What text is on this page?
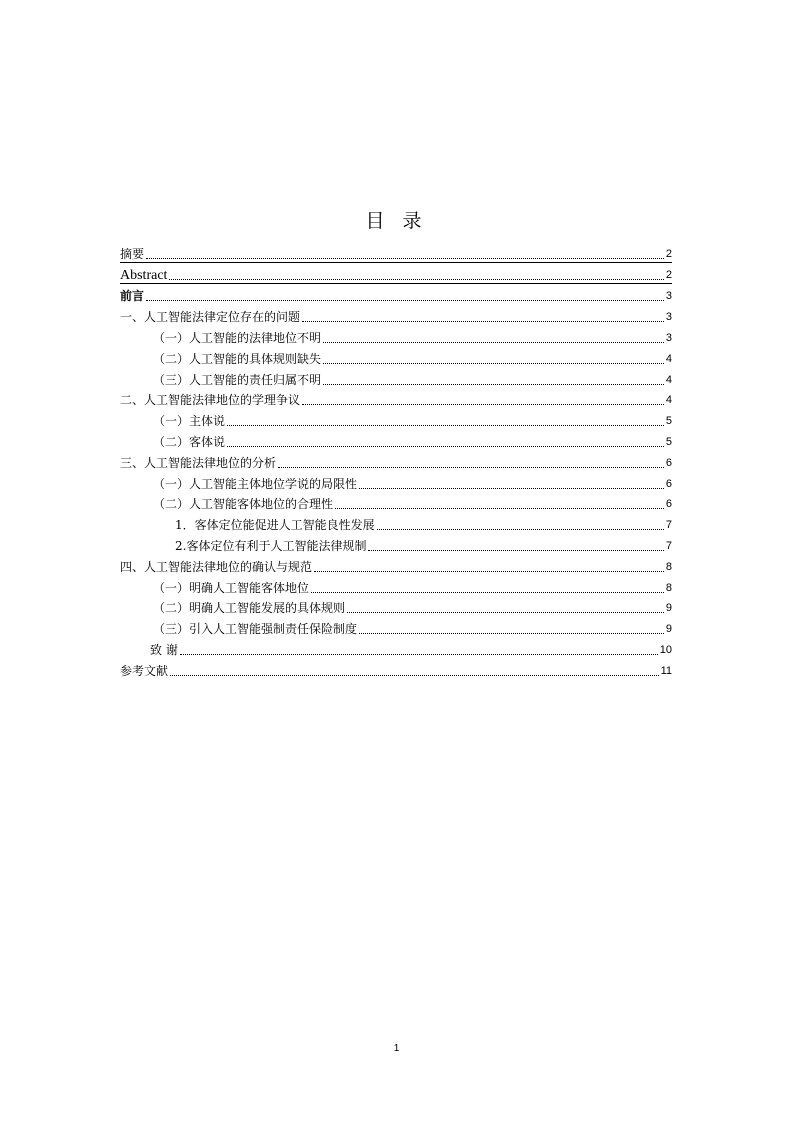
目 录
摘要	2
Abstract	2
前言	3
一、人工智能法律定位存在的问题	3
（一）人工智能的法律地位不明	3
（二）人工智能的具体规则缺失	4
（三）人工智能的责任归属不明	4
二、人工智能法律地位的学理争议	4
（一）主体说	5
（二）客体说	5
三、人工智能法律地位的分析	6
（一）人工智能主体地位学说的局限性	6
（二）人工智能客体地位的合理性	6
1．客体定位能促进人工智能良性发展	7
2.客体定位有利于人工智能法律规制	7
四、人工智能法律地位的确认与规范	8
（一）明确人工智能客体地位	8
（二）明确人工智能发展的具体规则	9
（三）引入人工智能强制责任保险制度	9
致 谢	10
参考文献	11
1
